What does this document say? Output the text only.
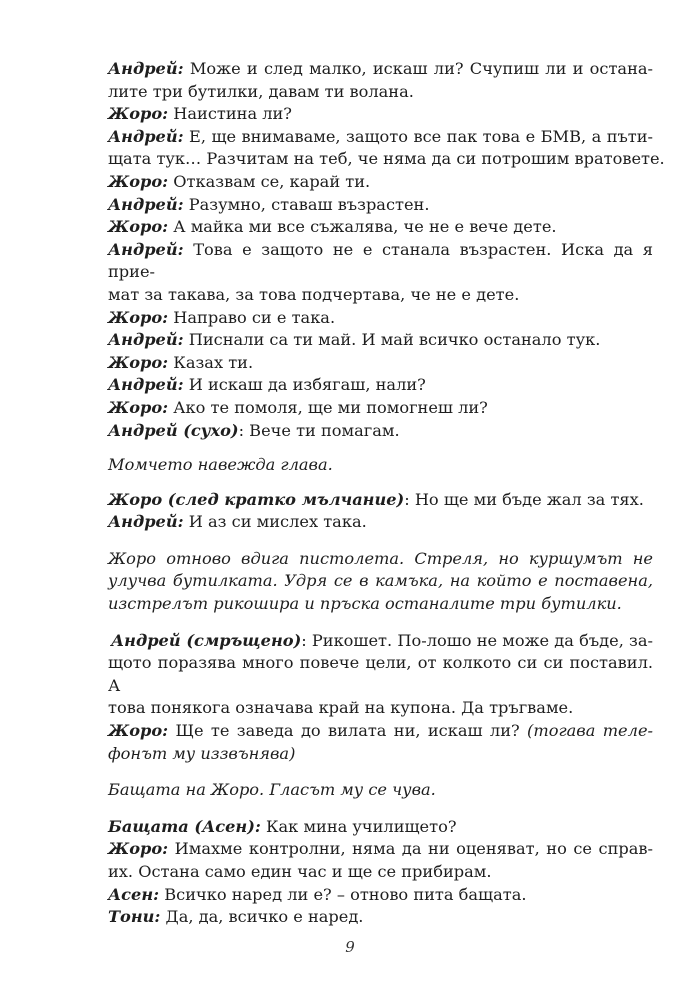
Андрей: Може и след малко, искаш ли? Счупиш ли и остана-
лите три бутилки, давам ти волана.
Жоро: Наистина ли?
Андрей: Е, ще внимаваме, защото все пак това е БМВ, а пъти-
щата тук… Разчитам на теб, че няма да си потрошим вратовете.
Жоро: Отказвам се, карай ти.
Андрей: Разумно, ставаш възрастен.
Жоро: А майка ми все съжалява, че не е вече дете.
Андрей: Това е защото не е станала възрастен. Иска да я прие-
мат за такава, за това подчертава, че не е дете.
Жоро: Направо си е така.
Андрей: Писнали са ти май. И май всичко останало тук.
Жоро: Казах ти.
Андрей: И искаш да избягаш, нали?
Жоро: Ако те помоля, ще ми помогнеш ли?
Андрей (сухо): Вече ти помагам.
Момчето навежда глава.
Жоро (след кратко мълчание): Но ще ми бъде жал за тях.
Андрей: И аз си мислех така.
Жоро отново вдига пистолета. Стреля, но куршумът не
улучва бутилката. Удря се в камъка, на който е поставена,
изстрелът рикошира и пръска останалите три бутилки.
Андрей (смръщено): Рикошет. По-лошо не може да бъде, за-
щото поразява много повече цели, от колкото си си поставил. А
това понякога означава край на купона. Да тръгваме.
Жоро: Ще те заведа до вилата ни, искаш ли? (тогава теле-
фонът му иззвънява)
Бащата на Жоро. Гласът му се чува.
Бащата (Асен): Как мина училището?
Жоро: Имахме контролни, няма да ни оценяват, но се справ-
их. Остана само един час и ще се прибирам.
Асен: Всичко наред ли е? – отново пита бащата.
Тони: Да, да, всичко е наред.
9
